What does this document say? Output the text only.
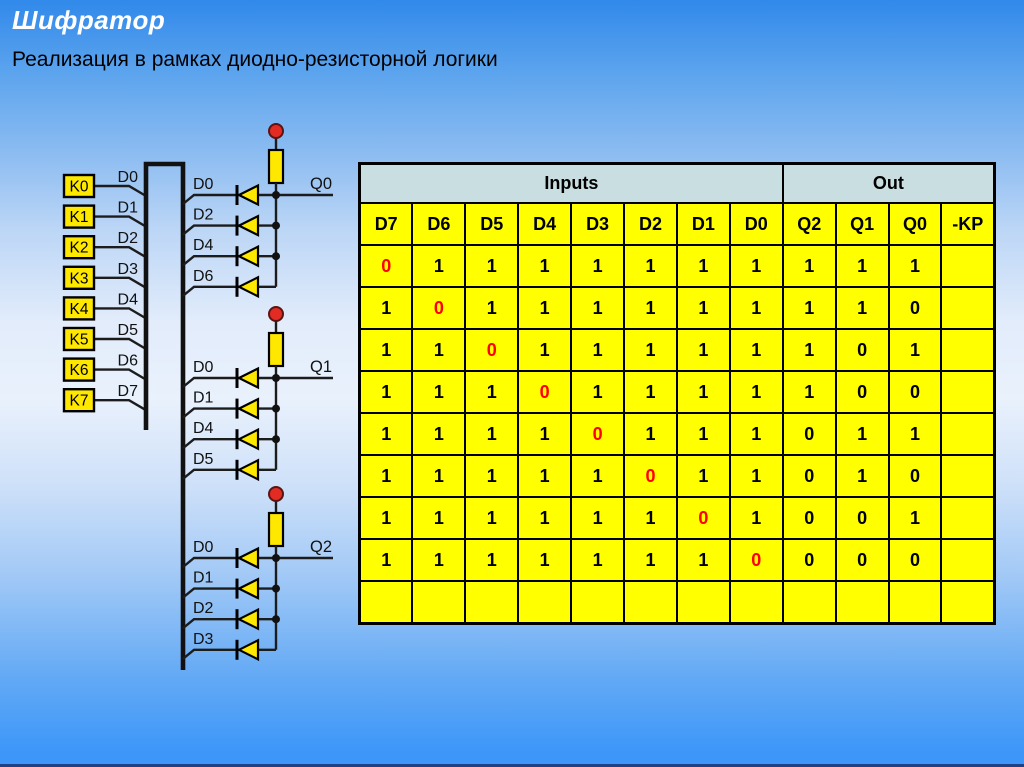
Шифратор
Реализация в рамках диодно-резисторной логики
K0
D0
K1
D1
K2
D2
K3
D3
K4
D4
K5
D5
K6
D6
K7
D7
D0
D2
D4
D6
Q0
D0
D1
D4
D5
Q1
D0
D1
D2
D3
Q2
Inputs								Out			
D7	D6	D5	D4	D3	D2	D1	D0	Q2	Q1	Q0	-KP
0	1	1	1	1	1	1	1	1	1	1	
1	0	1	1	1	1	1	1	1	1	0	
1	1	0	1	1	1	1	1	1	0	1	
1	1	1	0	1	1	1	1	1	0	0	
1	1	1	1	0	1	1	1	0	1	1	
1	1	1	1	1	0	1	1	0	1	0	
1	1	1	1	1	1	0	1	0	0	1	
1	1	1	1	1	1	1	0	0	0	0	
